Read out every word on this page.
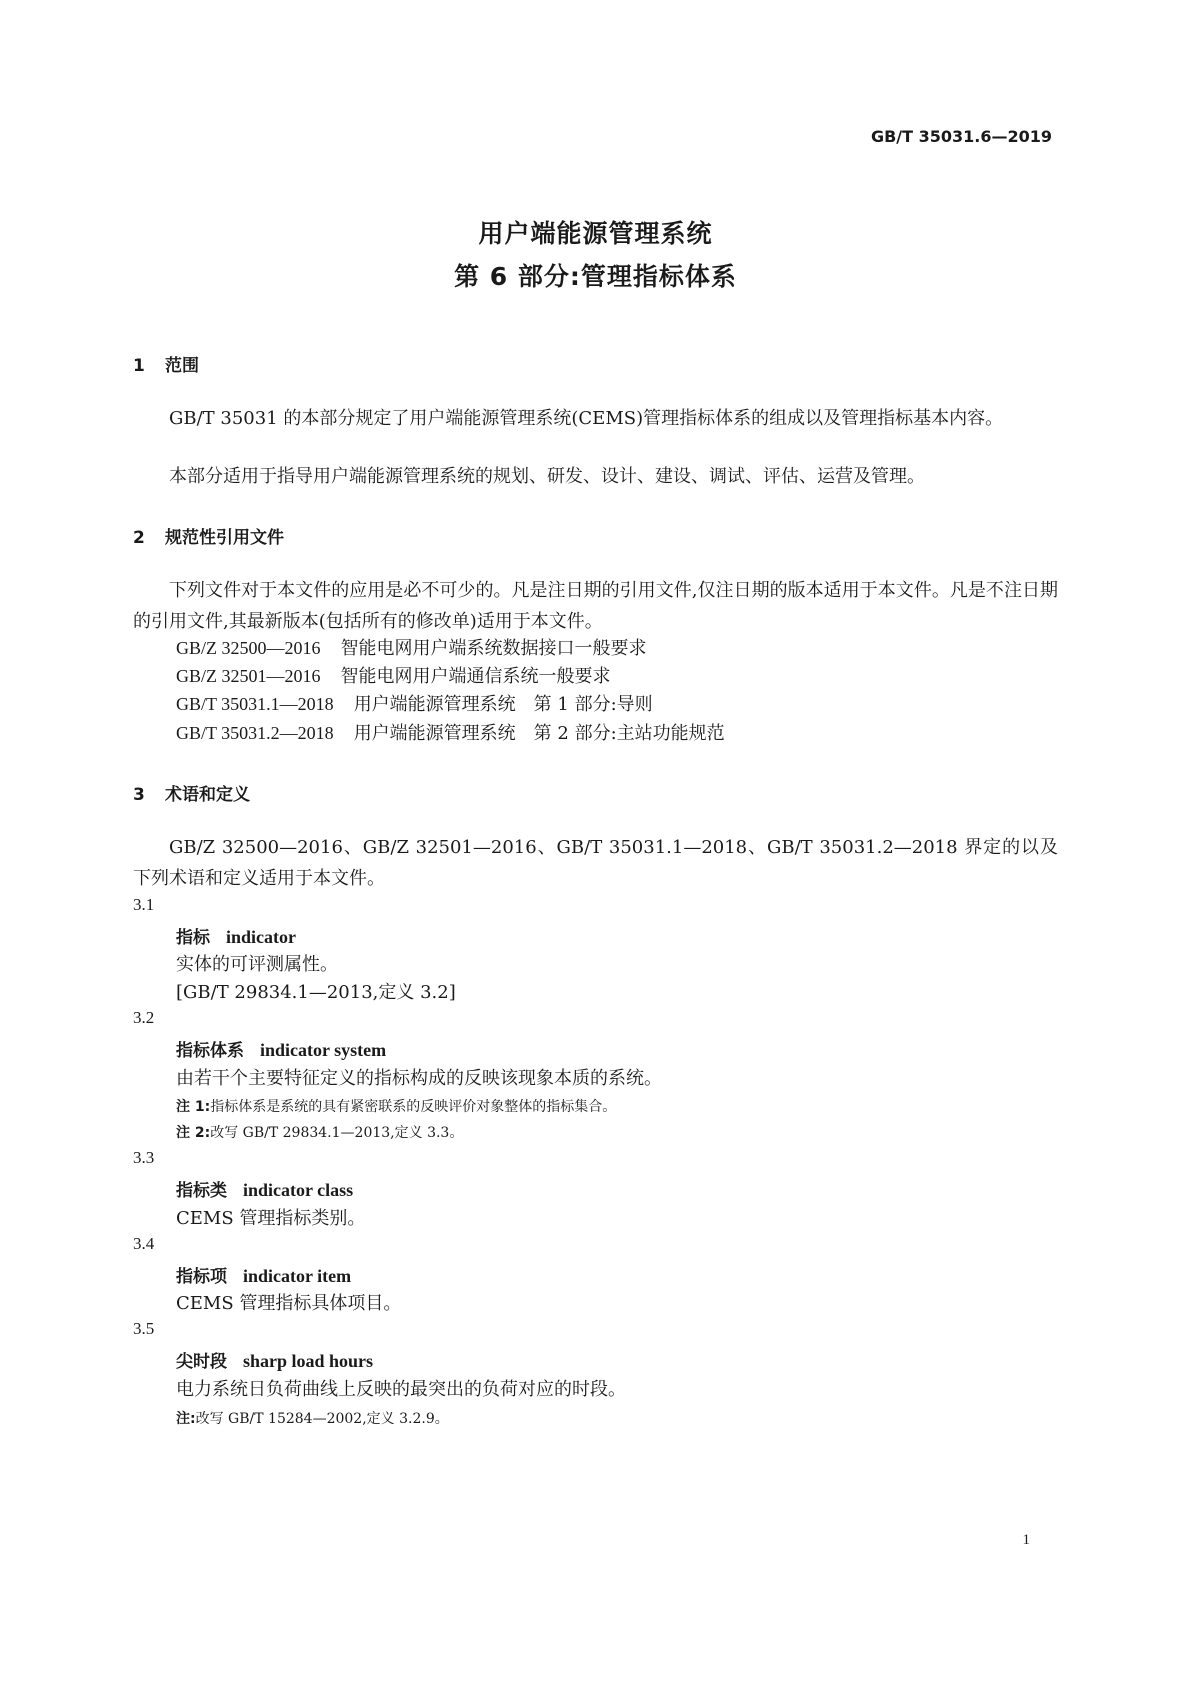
GB/T 35031.6—2019
用户端能源管理系统
第 6 部分:管理指标体系
1 范围
GB/T 35031 的本部分规定了用户端能源管理系统(CEMS)管理指标体系的组成以及管理指标基本内容。
本部分适用于指导用户端能源管理系统的规划、研发、设计、建设、调试、评估、运营及管理。
2 规范性引用文件
下列文件对于本文件的应用是必不可少的。凡是注日期的引用文件,仅注日期的版本适用于本文件。凡是不注日期的引用文件,其最新版本(包括所有的修改单)适用于本文件。
GB/Z 32500—2016 智能电网用户端系统数据接口一般要求
GB/Z 32501—2016 智能电网用户端通信系统一般要求
GB/T 35031.1—2018 用户端能源管理系统　第 1 部分:导则
GB/T 35031.2—2018 用户端能源管理系统　第 2 部分:主站功能规范
3 术语和定义
GB/Z 32500—2016、GB/Z 32501—2016、GB/T 35031.1—2018、GB/T 35031.2—2018 界定的以及下列术语和定义适用于本文件。
3.1
指标 indicator
实体的可评测属性。
[GB/T 29834.1—2013,定义 3.2]
3.2
指标体系 indicator system
由若干个主要特征定义的指标构成的反映该现象本质的系统。
注 1:指标体系是系统的具有紧密联系的反映评价对象整体的指标集合。
注 2:改写 GB/T 29834.1—2013,定义 3.3。
3.3
指标类 indicator class
CEMS 管理指标类别。
3.4
指标项 indicator item
CEMS 管理指标具体项目。
3.5
尖时段 sharp load hours
电力系统日负荷曲线上反映的最突出的负荷对应的时段。
注:改写 GB/T 15284—2002,定义 3.2.9。
1
